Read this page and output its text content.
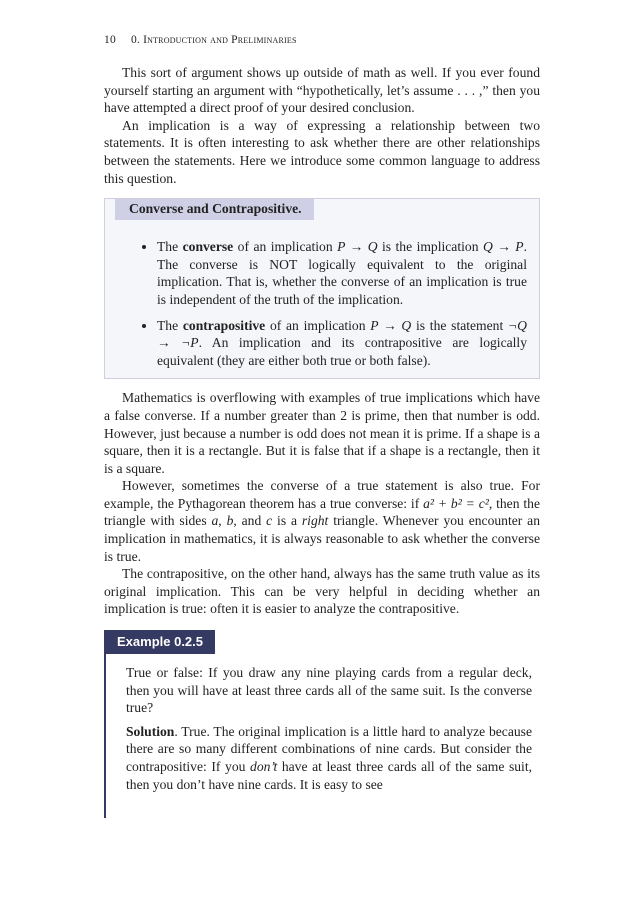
10 0. Introduction and Preliminaries

This sort of argument shows up outside of math as well. If you ever found yourself starting an argument with “hypothetically, let’s assume . . . ,” then you have attempted a direct proof of your desired conclusion.

An implication is a way of expressing a relationship between two statements. It is often interesting to ask whether there are other relationships between the statements. Here we introduce some common language to address this question.

Converse and Contrapositive.
• The converse of an implication P → Q is the implication Q → P. The converse is NOT logically equivalent to the original implication. That is, whether the converse of an implication is true is independent of the truth of the implication.
• The contrapositive of an implication P → Q is the statement ¬Q → ¬P. An implication and its contrapositive are logically equivalent (they are either both true or both false).

Mathematics is overflowing with examples of true implications which have a false converse. If a number greater than 2 is prime, then that number is odd. However, just because a number is odd does not mean it is prime. If a shape is a square, then it is a rectangle. But it is false that if a shape is a rectangle, then it is a square.

However, sometimes the converse of a true statement is also true. For example, the Pythagorean theorem has a true converse: if a² + b² = c², then the triangle with sides a, b, and c is a right triangle. Whenever you encounter an implication in mathematics, it is always reasonable to ask whether the converse is true.

The contrapositive, on the other hand, always has the same truth value as its original implication. This can be very helpful in deciding whether an implication is true: often it is easier to analyze the contrapositive.

Example 0.2.5

True or false: If you draw any nine playing cards from a regular deck, then you will have at least three cards all of the same suit. Is the converse true?

Solution. True. The original implication is a little hard to analyze because there are so many different combinations of nine cards. But consider the contrapositive: If you don’t have at least three cards all of the same suit, then you don’t have nine cards. It is easy to see
